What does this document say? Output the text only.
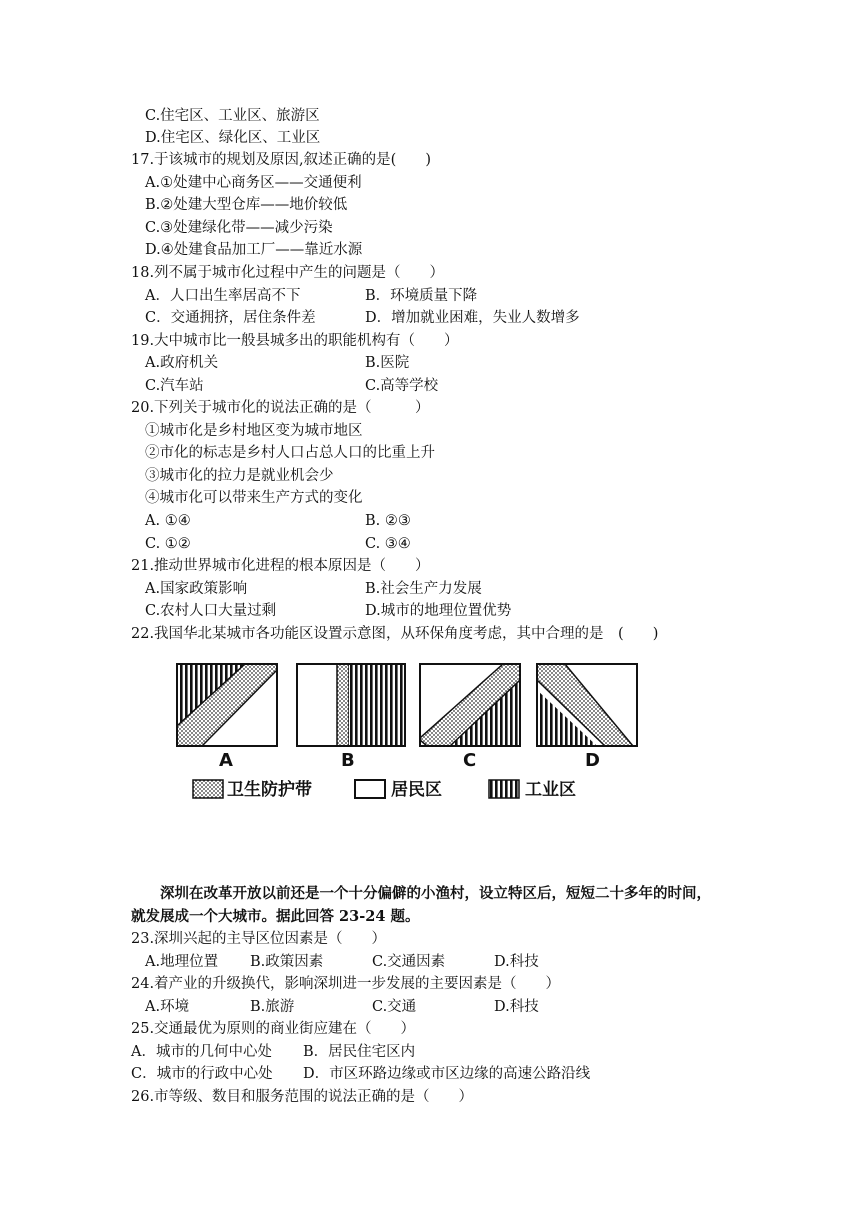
C.住宅区、工业区、旅游区
D.住宅区、绿化区、工业区
17.于该城市的规划及原因,叙述正确的是(　　)
A.①处建中心商务区——交通便利
B.②处建大型仓库——地价较低
C.③处建绿化带——减少污染
D.④处建食品加工厂——靠近水源
18.列不属于城市化过程中产生的问题是（　　）
A．人口出生率居高不下	B．环境质量下降
C．交通拥挤，居住条件差	D．增加就业困难，失业人数增多
19.大中城市比一般县城多出的职能机构有（　　）
A.政府机关	B.医院
C.汽车站	C.高等学校
20.下列关于城市化的说法正确的是（　　　）
①城市化是乡村地区变为城市地区
②市化的标志是乡村人口占总人口的比重上升
③城市化的拉力是就业机会少
④城市化可以带来生产方式的变化
A. ①④	B. ②③
C. ①②	C. ③④
21.推动世界城市化进程的根本原因是（　　）
A.国家政策影响	B.社会生产力发展
C.农村人口大量过剩	D.城市的地理位置优势
22.我国华北某城市各功能区设置示意图，从环保角度考虑，其中合理的是　(　　)
A	B	C	D
卫生防护带	居民区	工业区
深圳在改革开放以前还是一个十分偏僻的小渔村，设立特区后，短短二十多年的时间，
就发展成一个大城市。据此回答 23-24 题。
23.深圳兴起的主导区位因素是（　　）
A.地理位置 B.政策因素	C.交通因素	D.科技
24.着产业的升级换代，影响深圳进一步发展的主要因素是（　　）
A.环境	B.旅游	C.交通	D.科技
25.交通最优为原则的商业街应建在（　　）
A．城市的几何中心处 B．居民住宅区内
C．城市的行政中心处 D．市区环路边缘或市区边缘的高速公路沿线
26.市等级、数目和服务范围的说法正确的是（　　）
